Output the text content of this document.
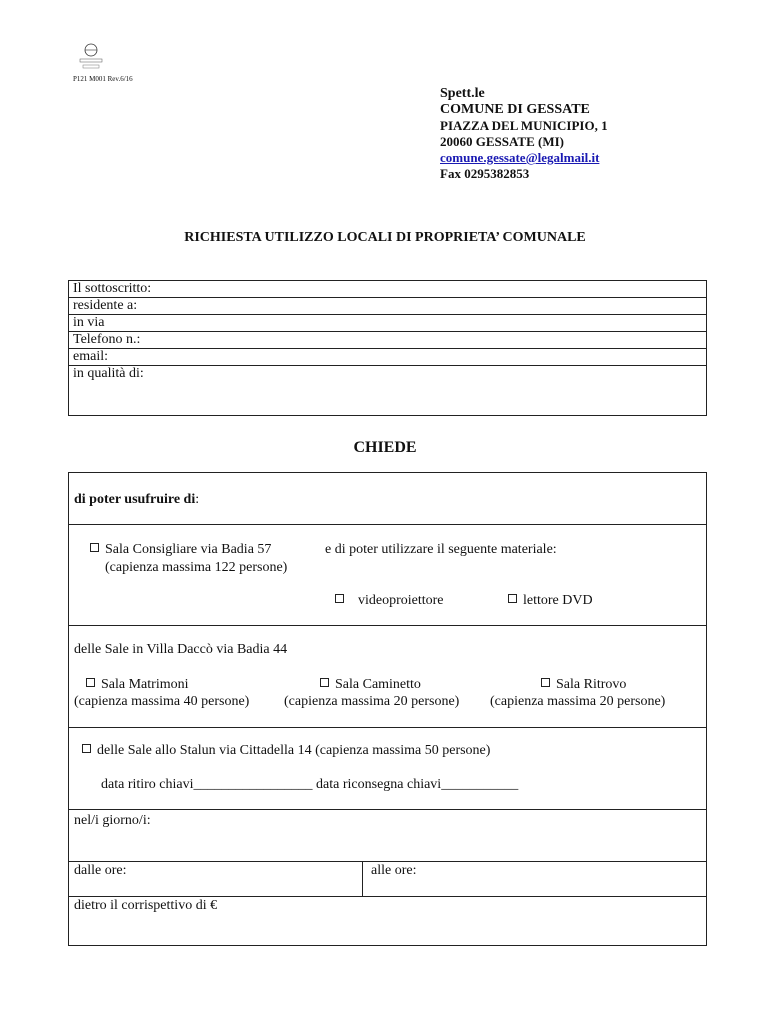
P121 M001 Rev.6/16
Spett.le
COMUNE DI GESSATE
PIAZZA DEL MUNICIPIO, 1
20060 GESSATE (MI)
comune.gessate@legalmail.it
Fax 0295382853
RICHIESTA UTILIZZO LOCALI DI PROPRIETA’ COMUNALE
Il sottoscritto:
residente a:
in via
Telefono n.:
email:
in qualità di:
CHIEDE
di poter usufruire di:
Sala Consigliare via Badia 57
(capienza massima 122 persone)
e di poter utilizzare il seguente materiale:
videoproiettore	lettore DVD
delle Sale in Villa Daccò via Badia 44
Sala Matrimoni
(capienza massima 40 persone)
Sala Caminetto
(capienza massima 20 persone)
Sala Ritrovo
(capienza massima 20 persone)
delle Sale allo Stalun via Cittadella 14 (capienza massima 50 persone)
data ritiro chiavi_________________ data riconsegna chiavi___________
nel/i giorno/i:
dalle ore:	alle ore:
dietro il corrispettivo di €
